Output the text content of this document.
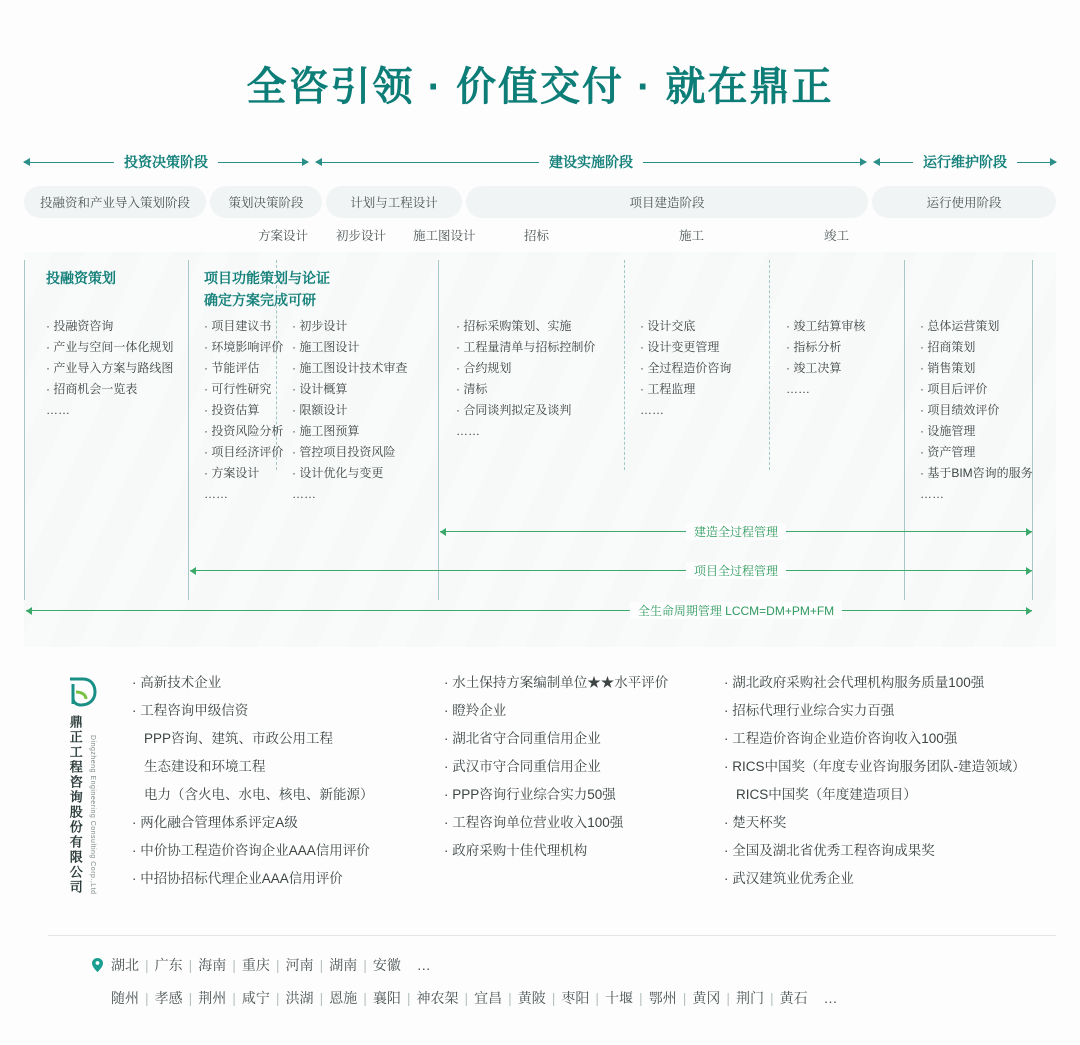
全咨引领 · 价值交付 · 就在鼎正
投资决策阶段	建设实施阶段	运行维护阶段
投融资和产业导入策划阶段	策划决策阶段	计划与工程设计	项目建造阶段	运行使用阶段
方案设计 初步设计 施工图设计	招标	施工	竣工
投融资策划
· 投融资咨询
· 产业与空间一体化规划
· 产业导入方案与路线图
· 招商机会一览表
……
项目功能策划与论证
确定方案完成可研
· 项目建议书
· 环境影响评价
· 节能评估
· 可行性研究
· 投资估算
· 投资风险分析
· 项目经济评价
· 方案设计
……
· 初步设计
· 施工图设计
· 施工图设计技术审查
· 设计概算
· 限额设计
· 施工图预算
· 管控项目投资风险
· 设计优化与变更
……
· 招标采购策划、实施
· 工程量清单与招标控制价
· 合约规划
· 清标
· 合同谈判拟定及谈判
……
· 设计交底
· 设计变更管理
· 全过程造价咨询
· 工程监理
……
· 竣工结算审核
· 指标分析
· 竣工决算
……
· 总体运营策划
· 招商策划
· 销售策划
· 项目后评价
· 项目绩效评价
· 设施管理
· 资产管理
· 基于BIM咨询的服务
……
建造全过程管理
项目全过程管理
全生命周期管理 LCCM=DM+PM+FM
鼎正工程咨询股份有限公司 Dingzheng Engineering Consulting Corp.,Ltd
· 高新技术企业
· 工程咨询甲级信资
PPP咨询、建筑、市政公用工程
生态建设和环境工程
电力（含火电、水电、核电、新能源）
· 两化融合管理体系评定A级
· 中价协工程造价咨询企业AAA信用评价
· 中招协招标代理企业AAA信用评价
· 水土保持方案编制单位★★水平评价
· 瞪羚企业
· 湖北省守合同重信用企业
· 武汉市守合同重信用企业
· PPP咨询行业综合实力50强
· 工程咨询单位营业收入100强
· 政府采购十佳代理机构
· 湖北政府采购社会代理机构服务质量100强
· 招标代理行业综合实力百强
· 工程造价咨询企业造价咨询收入100强
· RICS中国奖（年度专业咨询服务团队-建造领域）
RICS中国奖（年度建造项目）
· 楚天杯奖
· 全国及湖北省优秀工程咨询成果奖
· 武汉建筑业优秀企业
湖北 | 广东 | 海南 | 重庆 | 河南 | 湖南 | 安徽 …
随州 | 孝感 | 荆州 | 咸宁 | 洪湖 | 恩施 | 襄阳 | 神农架 | 宜昌 | 黄陂 | 枣阳 | 十堰 | 鄂州 | 黄冈 | 荆门 | 黄石 …
